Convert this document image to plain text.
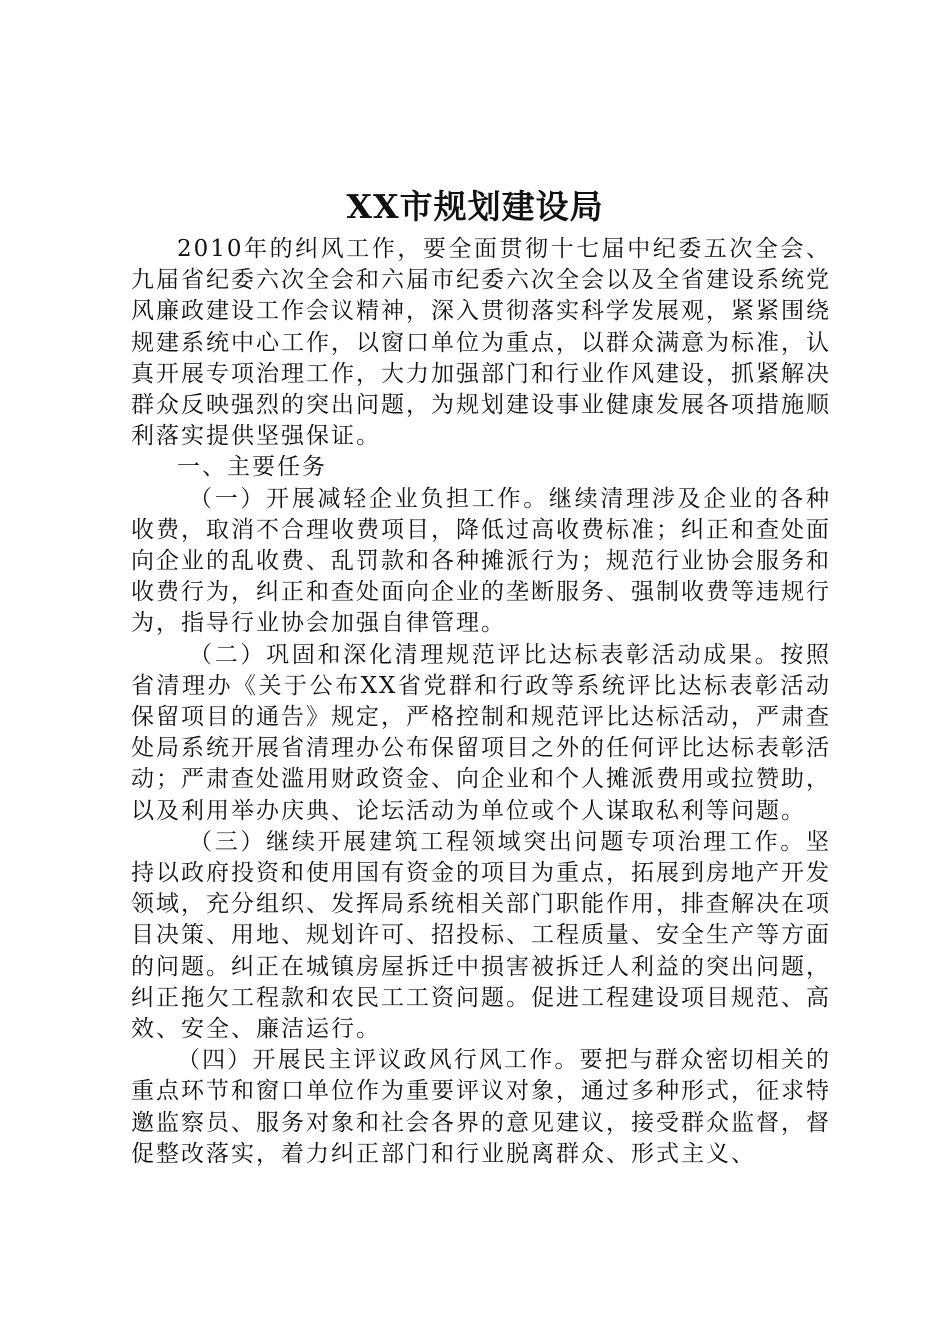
XX市规划建设局

2010年的纠风工作，要全面贯彻十七届中纪委五次全会、九届省纪委六次全会和六届市纪委六次全会以及全省建设系统党风廉政建设工作会议精神，深入贯彻落实科学发展观，紧紧围绕规建系统中心工作，以窗口单位为重点，以群众满意为标准，认真开展专项治理工作，大力加强部门和行业作风建设，抓紧解决群众反映强烈的突出问题，为规划建设事业健康发展各项措施顺利落实提供坚强保证。

一、主要任务

（一）开展减轻企业负担工作。继续清理涉及企业的各种收费，取消不合理收费项目，降低过高收费标准；纠正和查处面向企业的乱收费、乱罚款和各种摊派行为；规范行业协会服务和收费行为，纠正和查处面向企业的垄断服务、强制收费等违规行为，指导行业协会加强自律管理。

（二）巩固和深化清理规范评比达标表彰活动成果。按照省清理办《关于公布XX省党群和行政等系统评比达标表彰活动保留项目的通告》规定，严格控制和规范评比达标活动，严肃查处局系统开展省清理办公布保留项目之外的任何评比达标表彰活动；严肃查处滥用财政资金、向企业和个人摊派费用或拉赞助，以及利用举办庆典、论坛活动为单位或个人谋取私利等问题。

（三）继续开展建筑工程领域突出问题专项治理工作。坚持以政府投资和使用国有资金的项目为重点，拓展到房地产开发领域，充分组织、发挥局系统相关部门职能作用，排查解决在项目决策、用地、规划许可、招投标、工程质量、安全生产等方面的问题。纠正在城镇房屋拆迁中损害被拆迁人利益的突出问题，纠正拖欠工程款和农民工工资问题。促进工程建设项目规范、高效、安全、廉洁运行。

（四）开展民主评议政风行风工作。要把与群众密切相关的重点环节和窗口单位作为重要评议对象，通过多种形式，征求特邀监察员、服务对象和社会各界的意见建议，接受群众监督，督促整改落实，着力纠正部门和行业脱离群众、形式主义、
